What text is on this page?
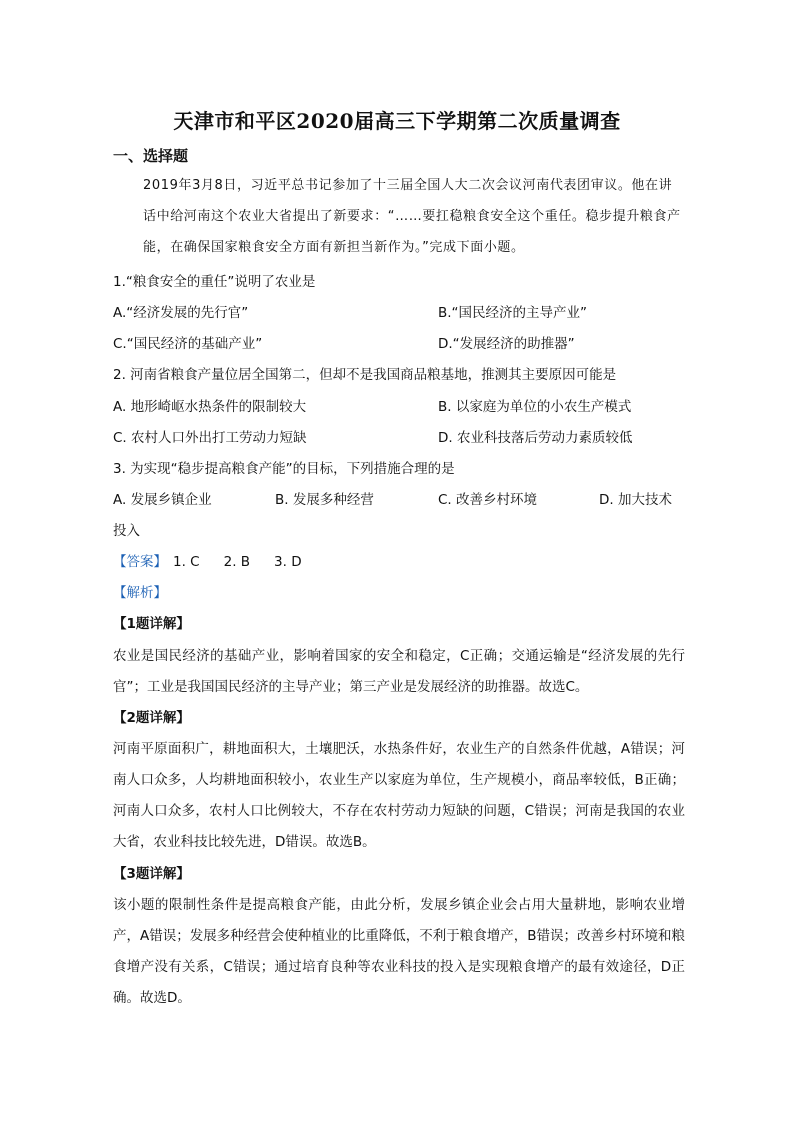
天津市和平区2020届高三下学期第二次质量调查
一、选择题
2019年3月8日，习近平总书记参加了十三届全国人大二次会议河南代表团审议。他在讲话中给河南这个农业大省提出了新要求：“……要扛稳粮食安全这个重任。稳步提升粮食产能，在确保国家粮食安全方面有新担当新作为。”完成下面小题。
1.“粮食安全的重任”说明了农业是
A.“经济发展的先行官”	B.“国民经济的主导产业”
C.“国民经济的基础产业”	D.“发展经济的助推器”
2. 河南省粮食产量位居全国第二，但却不是我国商品粮基地，推测其主要原因可能是
A. 地形崎岖水热条件的限制较大	B. 以家庭为单位的小农生产模式
C. 农村人口外出打工劳动力短缺	D. 农业科技落后劳动力素质较低
3. 为实现“稳步提高粮食产能”的目标，下列措施合理的是
A. 发展乡镇企业	B. 发展多种经营	C. 改善乡村环境	D. 加大技术
投入
【答案】 1. C 2. B 3. D
【解析】
【1题详解】
农业是国民经济的基础产业，影响着国家的安全和稳定，C正确；交通运输是“经济发展的先行官”；工业是我国国民经济的主导产业；第三产业是发展经济的助推器。故选C。
【2题详解】
河南平原面积广，耕地面积大，土壤肥沃，水热条件好，农业生产的自然条件优越，A错误；河南人口众多，人均耕地面积较小，农业生产以家庭为单位，生产规模小，商品率较低，B正确；河南人口众多，农村人口比例较大，不存在农村劳动力短缺的问题，C错误；河南是我国的农业大省，农业科技比较先进，D错误。故选B。
【3题详解】
该小题的限制性条件是提高粮食产能，由此分析，发展乡镇企业会占用大量耕地，影响农业增产，A错误；发展多种经营会使种植业的比重降低，不利于粮食增产，B错误；改善乡村环境和粮食增产没有关系，C错误；通过培育良种等农业科技的投入是实现粮食增产的最有效途径，D正确。故选D。
